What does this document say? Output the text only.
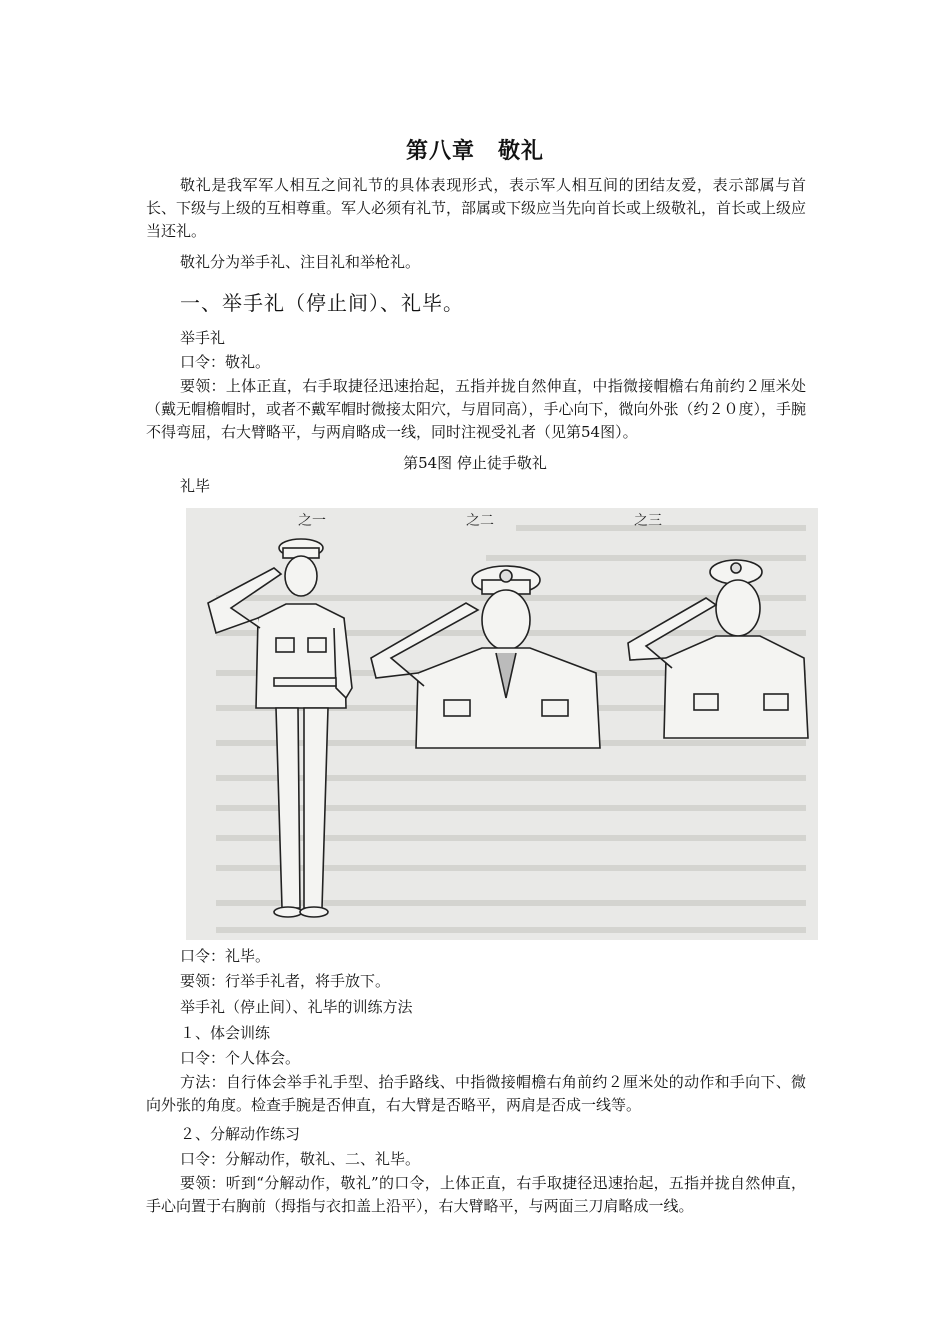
第八章　敬礼
敬礼是我军军人相互之间礼节的具体表现形式，表示军人相互间的团结友爱，表示部属与首长、下级与上级的互相尊重。军人必须有礼节，部属或下级应当先向首长或上级敬礼，首长或上级应当还礼。
敬礼分为举手礼、注目礼和举枪礼。
一、举手礼（停止间）、礼毕。
举手礼
口令：敬礼。
要领：上体正直，右手取捷径迅速抬起，五指并拢自然伸直，中指微接帽檐右角前约２厘米处（戴无帽檐帽时，或者不戴军帽时微接太阳穴，与眉同高），手心向下，微向外张（约２０度），手腕不得弯屈，右大臂略平，与两肩略成一线，同时注视受礼者（见第54图）。
第54图 停止徒手敬礼
礼毕
之一	之二	之三
口令：礼毕。
要领：行举手礼者，将手放下。
举手礼（停止间）、礼毕的训练方法
１、体会训练
口令：个人体会。
方法：自行体会举手礼手型、抬手路线、中指微接帽檐右角前约２厘米处的动作和手向下、微向外张的角度。检查手腕是否伸直，右大臂是否略平，两肩是否成一线等。
２、分解动作练习
口令：分解动作，敬礼、二、礼毕。
要领：听到“分解动作，敬礼”的口令，上体正直，右手取捷径迅速抬起，五指并拢自然伸直，手心向置于右胸前（拇指与衣扣盖上沿平），右大臂略平，与两面三刀肩略成一线。
